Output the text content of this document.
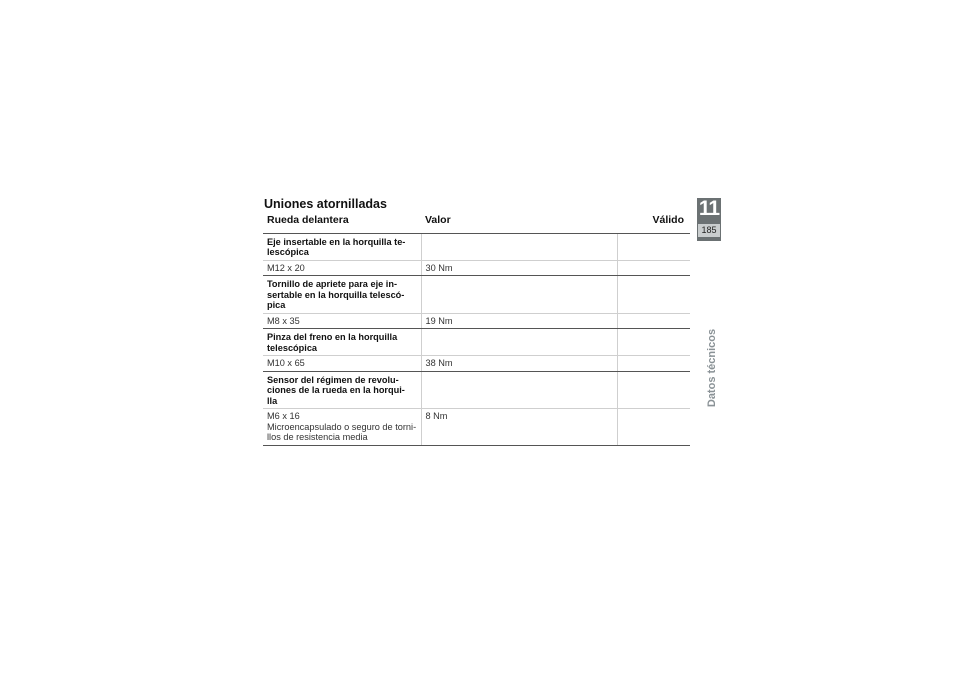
Uniones atornilladas
Rueda delantera	Valor	Válido
Eje insertable en la horquilla te-
lescópica		
M12 x 20	30 Nm	
Tornillo de apriete para eje in-
sertable en la horquilla telescó-
pica		
M8 x 35	19 Nm	
Pinza del freno en la horquilla
telescópica		
M10 x 65	38 Nm	
Sensor del régimen de revolu-
ciones de la rueda en la horqui-
lla		
M6 x 16
Microencapsulado o seguro de torni-
llos de resistencia media	8 Nm	
11
185
Datos técnicos
